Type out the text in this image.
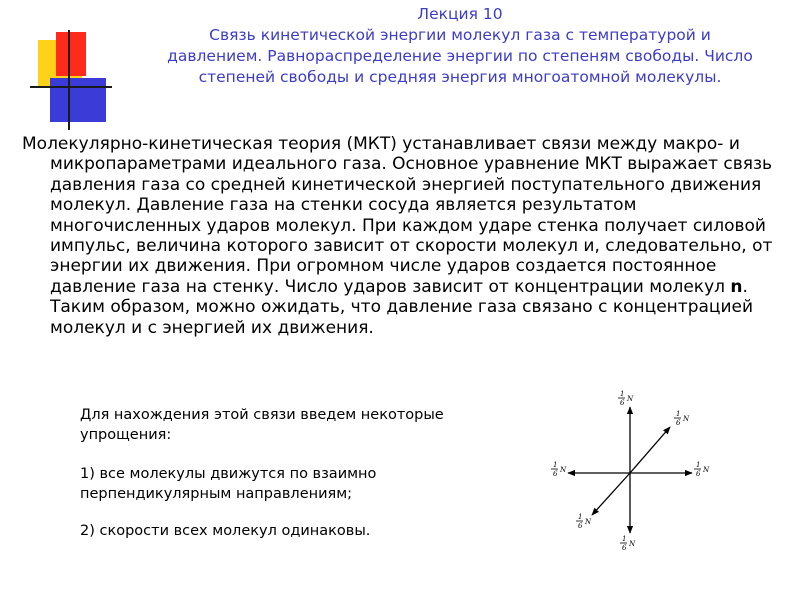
Лекция 10
Связь кинетической энергии молекул газа с температурой и
давлением. Равнораспределение энергии по степеням свободы. Число
степеней свободы и средняя энергия многоатомной молекулы.
Молекулярно-кинетическая теория (МКТ) устанавливает связи между макро- и микропараметрами идеального газа. Основное уравнение МКТ выражает связь давления газа со средней кинетической энергией поступательного движения молекул. Давление газа на стенки сосуда является результатом многочисленных ударов молекул. При каждом ударе стенка получает силовой импульс, величина которого зависит от скорости молекул и, следовательно, от энергии их движения. При огромном числе ударов создается постоянное давление газа на стенку. Число ударов зависит от концентрации молекул n. Таким образом, можно ожидать, что давление газа связано с концентрацией молекул и с энергией их движения.
Для нахождения этой связи введем некоторые упрощения:
1) все молекулы движутся по взаимно перпендикулярным направлениям;
2) скорости всех молекул одинаковы.
1
6 N
1
6 N
1
6 N
1
6 N
1
6 N
1
6 N
